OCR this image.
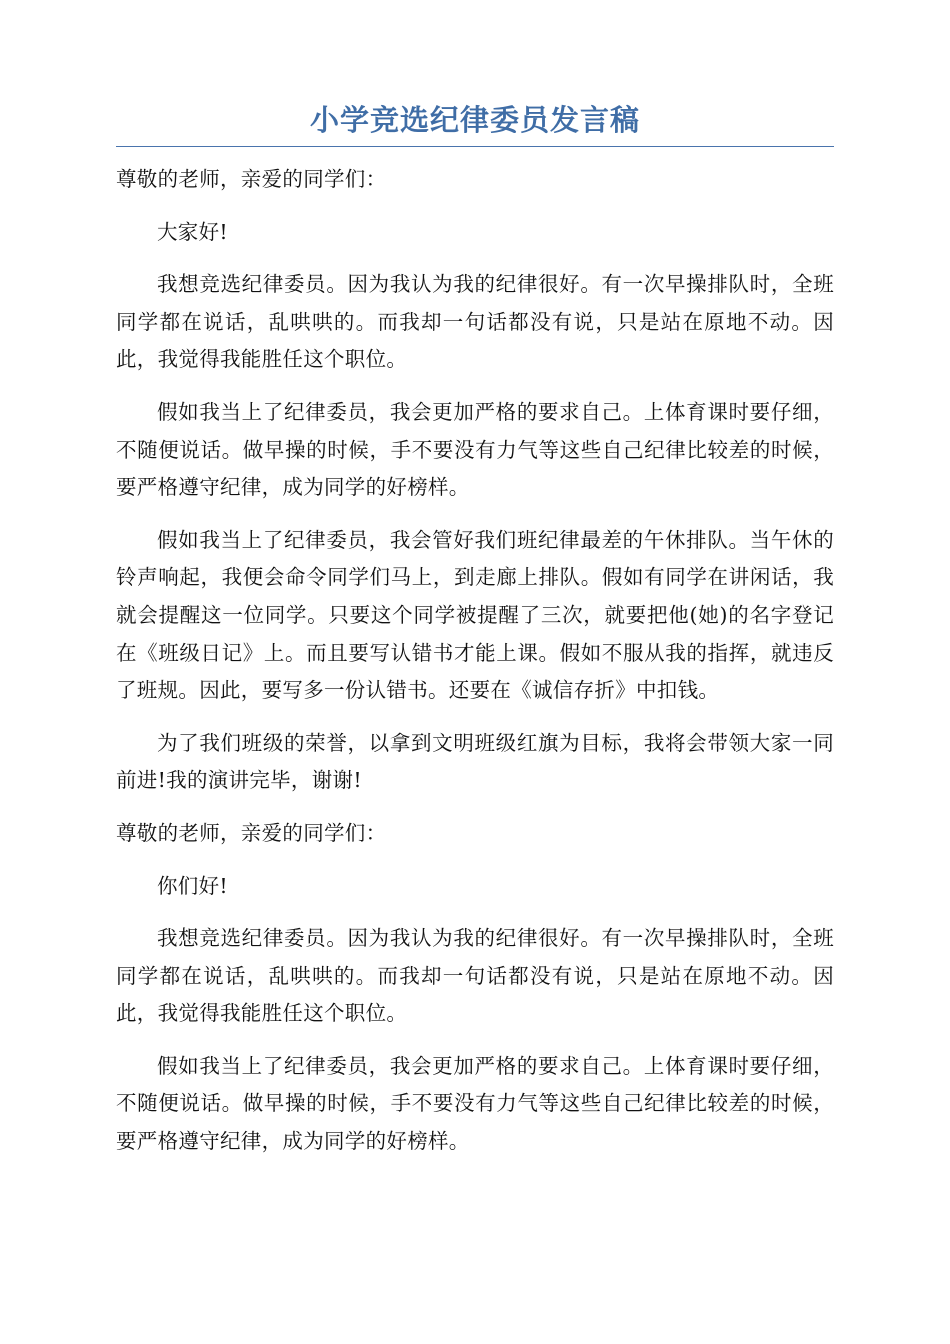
小学竞选纪律委员发言稿

尊敬的老师，亲爱的同学们：

大家好!

我想竞选纪律委员。因为我认为我的纪律很好。有一次早操排队时，全班同学都在说话，乱哄哄的。而我却一句话都没有说，只是站在原地不动。因此，我觉得我能胜任这个职位。

假如我当上了纪律委员，我会更加严格的要求自己。上体育课时要仔细，不随便说话。做早操的时候，手不要没有力气等这些自己纪律比较差的时候，要严格遵守纪律，成为同学的好榜样。

假如我当上了纪律委员，我会管好我们班纪律最差的午休排队。当午休的铃声响起，我便会命令同学们马上，到走廊上排队。假如有同学在讲闲话，我就会提醒这一位同学。只要这个同学被提醒了三次，就要把他(她)的名字登记在《班级日记》上。而且要写认错书才能上课。假如不服从我的指挥，就违反了班规。因此，要写多一份认错书。还要在《诚信存折》中扣钱。

为了我们班级的荣誉，以拿到文明班级红旗为目标，我将会带领大家一同前进!我的演讲完毕，谢谢!

尊敬的老师，亲爱的同学们：

你们好!

我想竞选纪律委员。因为我认为我的纪律很好。有一次早操排队时，全班同学都在说话，乱哄哄的。而我却一句话都没有说，只是站在原地不动。因此，我觉得我能胜任这个职位。

假如我当上了纪律委员，我会更加严格的要求自己。上体育课时要仔细，不随便说话。做早操的时候，手不要没有力气等这些自己纪律比较差的时候，要严格遵守纪律，成为同学的好榜样。
